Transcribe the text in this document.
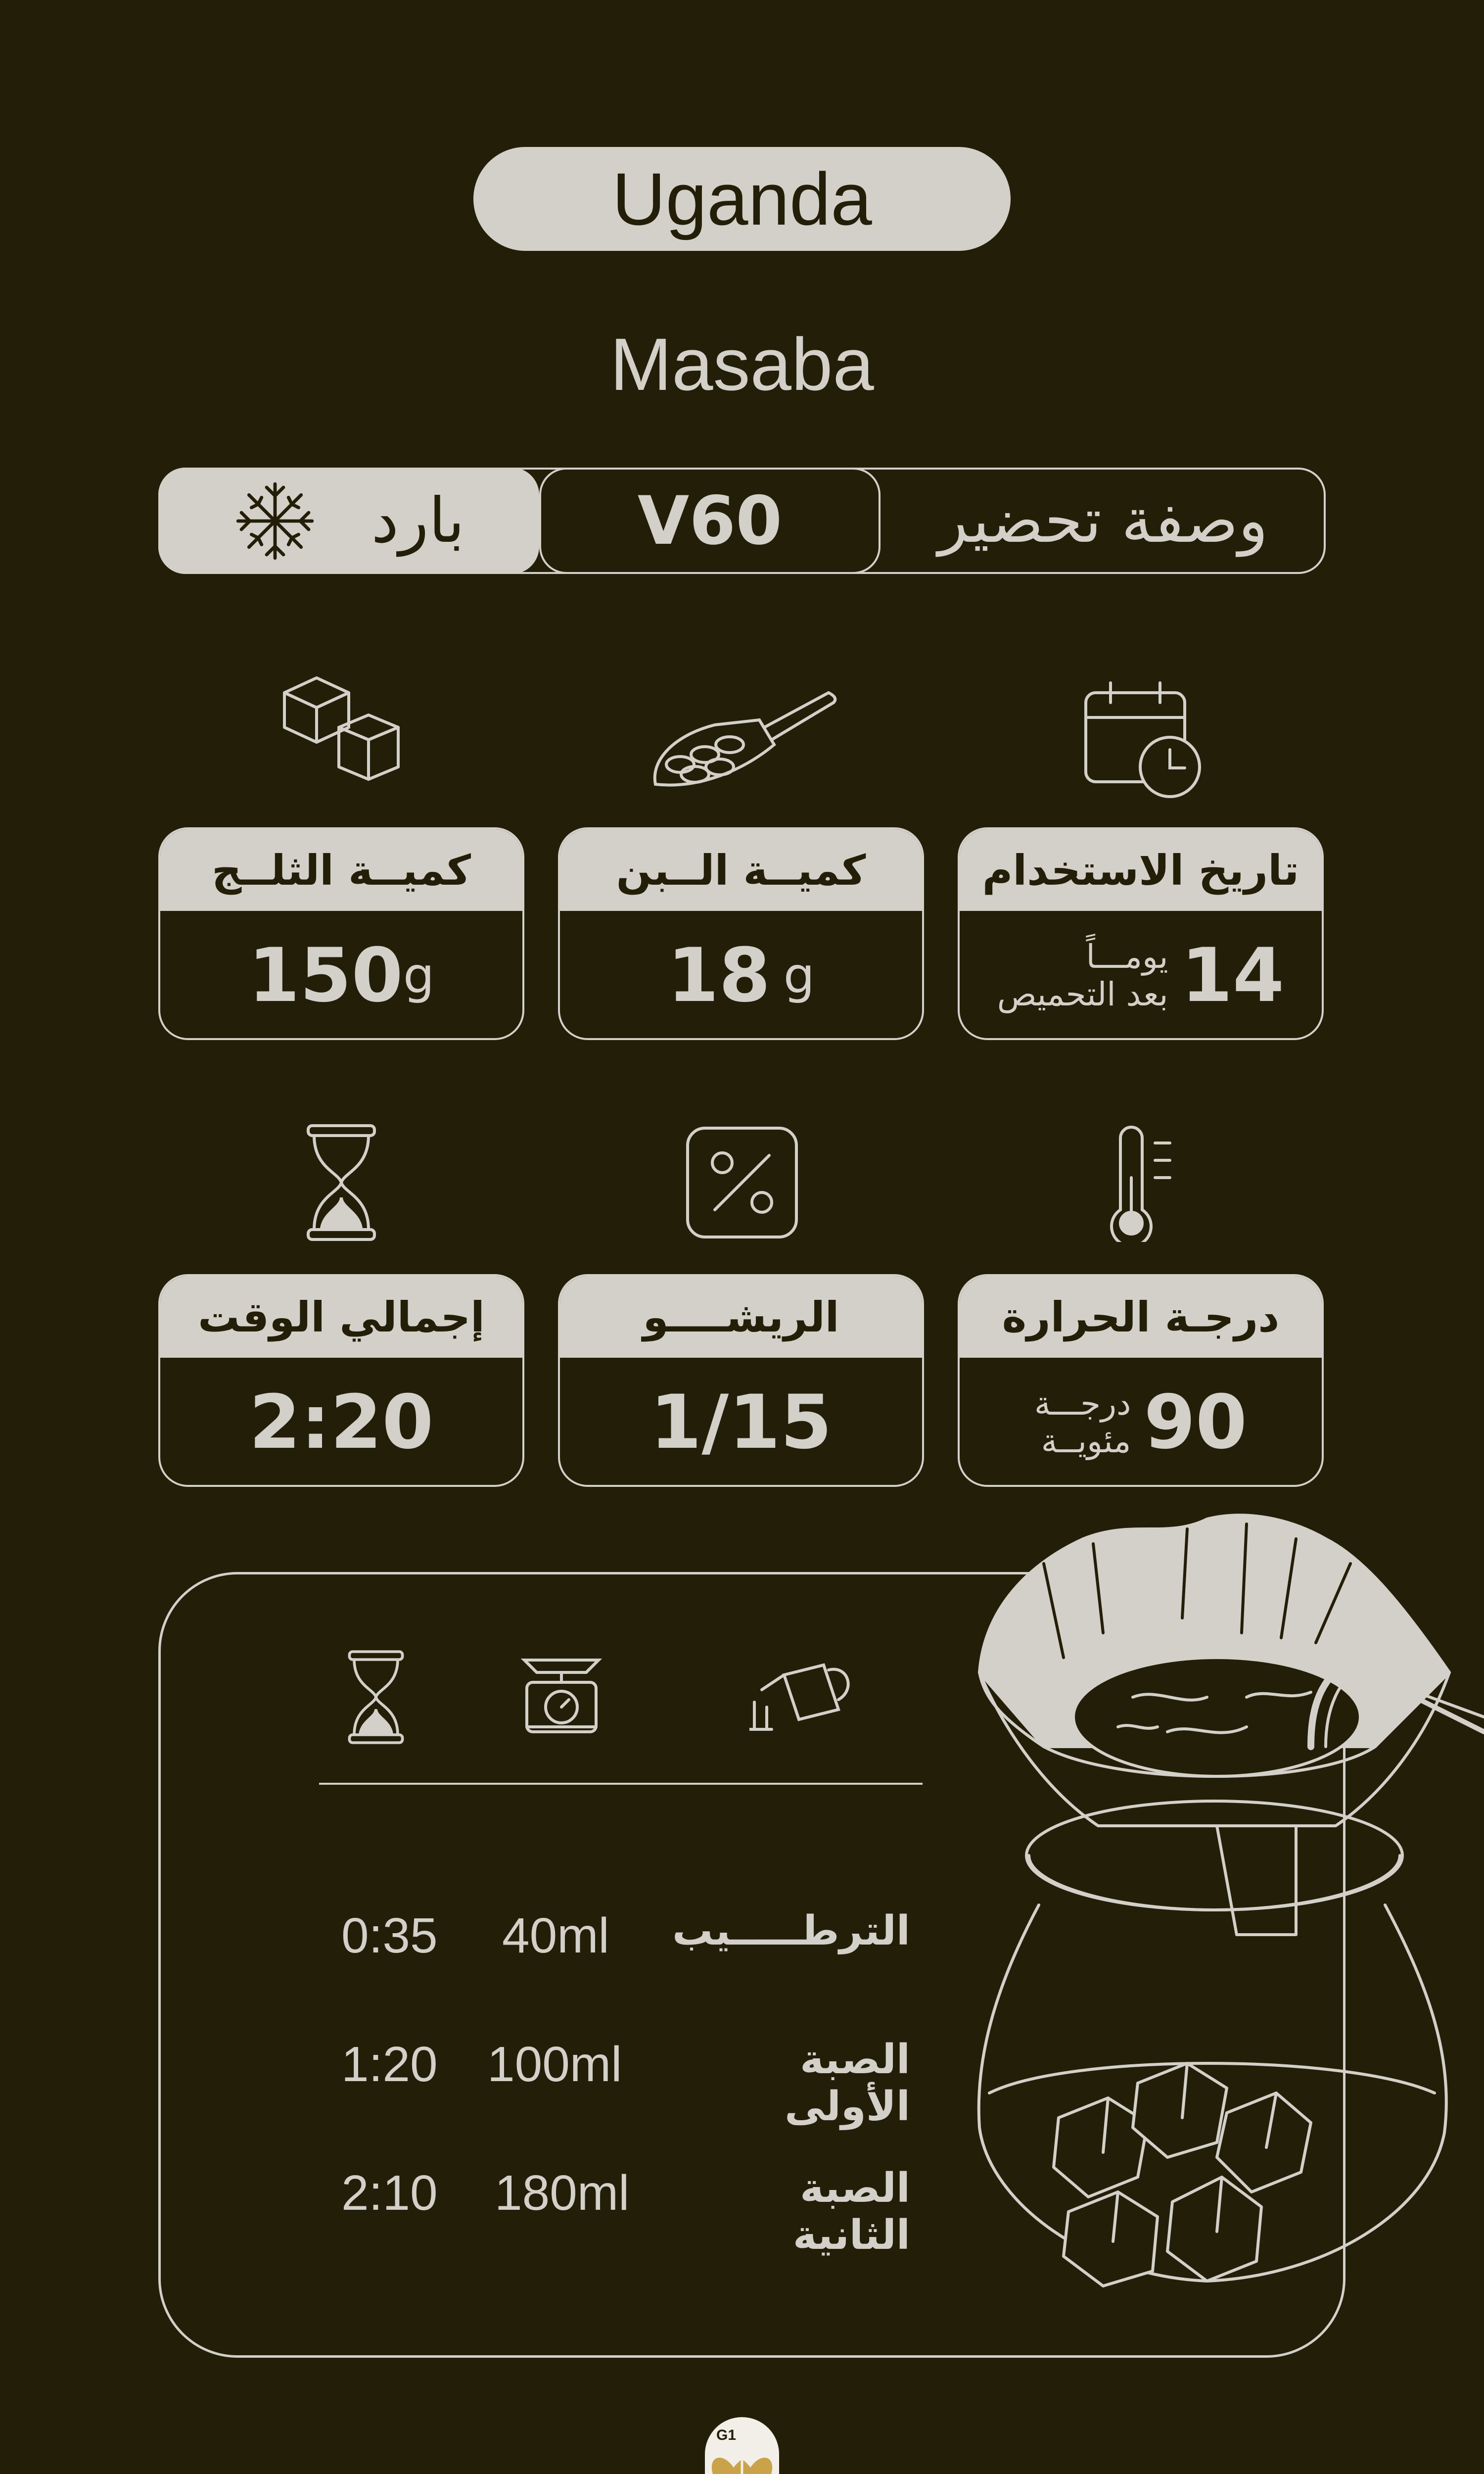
Uganda
Masaba
وصفة تحضير
V60
بارد
كميــة الثلــج
150 g
كميــة الــبن
18 g
تاريخ الاستخدام
يومـــاً
بعد التحميص 14
إجمالي الوقت
2:20
الريشــــو
1/15
درجـة الحرارة
درجـــة
مئويــة 90
0:35 40ml الترطـــــيب
1:20 100ml	الصبة الأولى
2:10 180ml	الصبة الثانية
G1
